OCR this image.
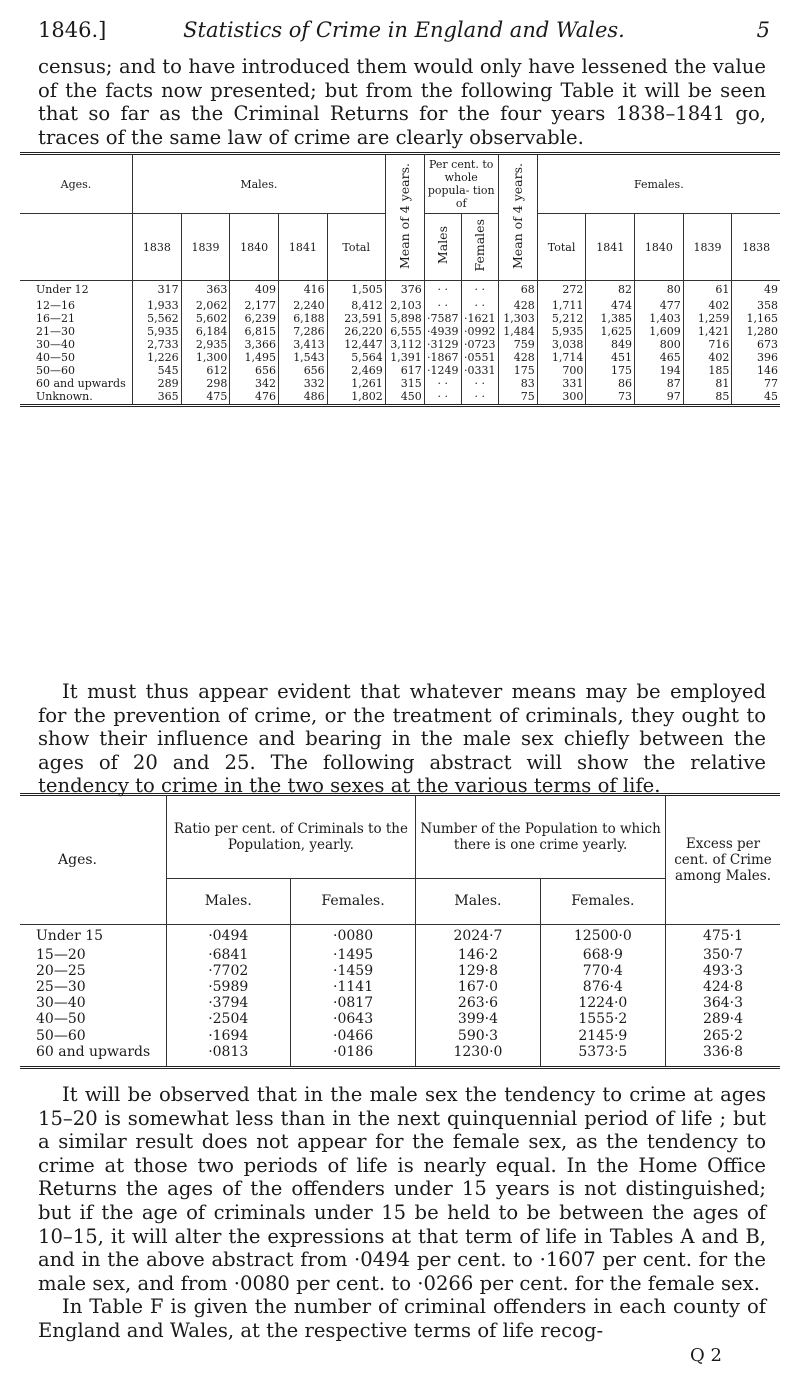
1846.]	Statistics of Crime in England and Wales.	5

census; and to have introduced them would only have lessened the value of the facts now presented; but from the following Table it will be seen that so far as the Criminal Returns for the four years 1838–1841 go, traces of the same law of crime are clearly observable.

Ages.	Males.					Mean of 4 years.	Per cent. to whole popula- tion of		Mean of 4 years.	Females.				
							Males	Females						
	1838	1839	1840	1841	Total					Total	1841	1840	1839	1838
Under 12	317	363	409	416	1,505	376	· ·	· ·	68	272	82	80	61	49
12—16	1,933	2,062	2,177	2,240	8,412	2,103	· ·	· ·	428	1,711	474	477	402	358
16—21	5,562	5,602	6,239	6,188	23,591	5,898	·7587	·1621	1,303	5,212	1,385	1,403	1,259	1,165
21—30	5,935	6,184	6,815	7,286	26,220	6,555	·4939	·0992	1,484	5,935	1,625	1,609	1,421	1,280
30—40	2,733	2,935	3,366	3,413	12,447	3,112	·3129	·0723	759	3,038	849	800	716	673
40—50	1,226	1,300	1,495	1,543	5,564	1,391	·1867	·0551	428	1,714	451	465	402	396
50—60	545	612	656	656	2,469	617	·1249	·0331	175	700	175	194	185	146
60 and upwards	289	298	342	332	1,261	315	· ·	· ·	83	331	86	87	81	77
Unknown.	365	475	476	486	1,802	450	· ·	· ·	75	300	73	97	85	45

It must thus appear evident that whatever means may be employed for the prevention of crime, or the treatment of criminals, they ought to show their influence and bearing in the male sex chiefly between the ages of 20 and 25. The following abstract will show the relative tendency to crime in the two sexes at the various terms of life.

Ages.	Ratio per cent. of Criminals to the Population, yearly.		Number of the Population to which there is one crime yearly.		Excess per cent. of Crime among Males.
	Males.	Females.	Males.	Females.	
Under 15	·0494	·0080	2024·7	12500·0	475·1
15—20	·6841	·1495	146·2	668·9	350·7
20—25	·7702	·1459	129·8	770·4	493·3
25—30	·5989	·1141	167·0	876·4	424·8
30—40	·3794	·0817	263·6	1224·0	364·3
40—50	·2504	·0643	399·4	1555·2	289·4
50—60	·1694	·0466	590·3	2145·9	265·2
60 and upwards	·0813	·0186	1230·0	5373·5	336·8

It will be observed that in the male sex the tendency to crime at ages 15–20 is somewhat less than in the next quinquennial period of life ; but a similar result does not appear for the female sex, as the tendency to crime at those two periods of life is nearly equal. In the Home Office Returns the ages of the offenders under 15 years is not distinguished; but if the age of criminals under 15 be held to be between the ages of 10–15, it will alter the expressions at that term of life in Tables A and B, and in the above abstract from ·0494 per cent. to ·1607 per cent. for the male sex, and from ·0080 per cent. to ·0266 per cent. for the female sex.

In Table F is given the number of criminal offenders in each county of England and Wales, at the respective terms of life recog-

Q 2
